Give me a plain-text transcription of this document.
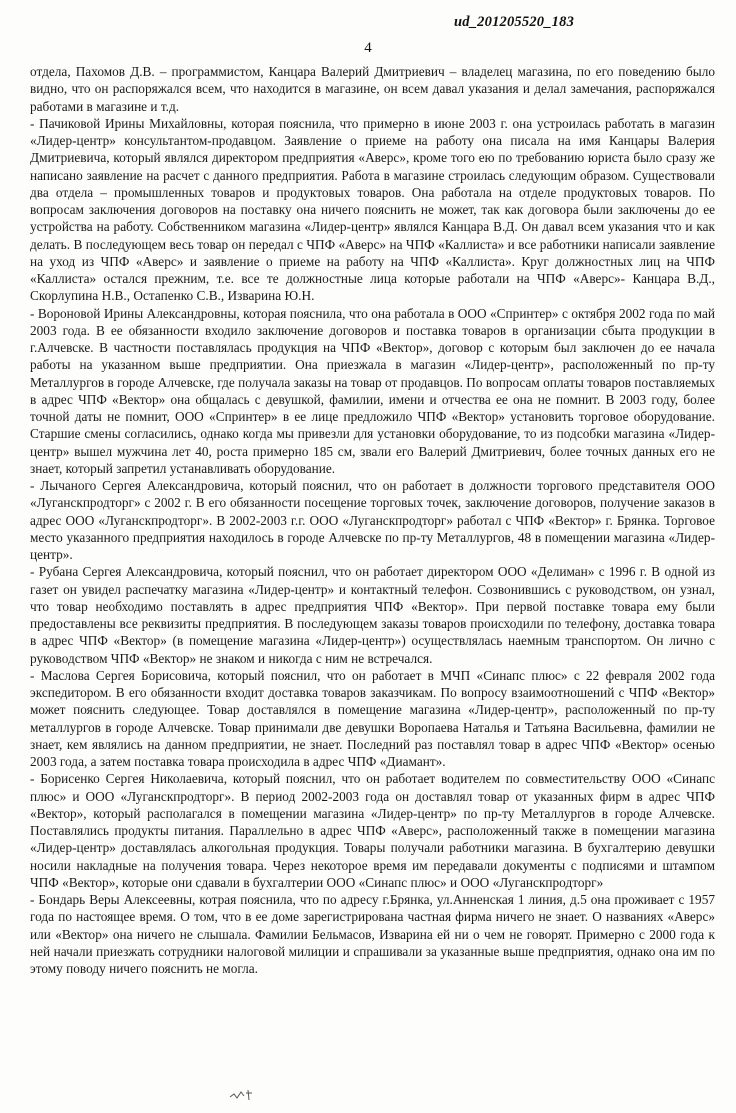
ud_201205520_183
4

отдела, Пахомов Д.В. – программистом, Канцара Валерий Дмитриевич – владелец магазина, по его поведению было видно, что он распоряжался всем, что находится в магазине, он всем давал указания и делал замечания, распоряжался работами в магазине и т.д.

- Пачиковой Ирины Михайловны, которая пояснила, что примерно в июне 2003 г. она устроилась работать в магазин «Лидер-центр» консультантом-продавцом. Заявление о приеме на работу она писала на имя Канцары Валерия Дмитриевича, который являлся директором предприятия «Аверс», кроме того ею по требованию юриста было сразу же написано заявление на расчет с данного предприятия. Работа в магазине строилась следующим образом. Существовали два отдела – промышленных товаров и продуктовых товаров. Она работала на отделе продуктовых товаров. По вопросам заключения договоров на поставку она ничего пояснить не может, так как договора были заключены до ее устройства на работу. Собственником магазина «Лидер-центр» являлся Канцара В.Д. Он давал всем указания что и как делать. В последующем весь товар он передал с ЧПФ «Аверс» на ЧПФ «Каллиста» и все работники написали заявление на уход из ЧПФ «Аверс» и заявление о приеме на работу на ЧПФ «Каллиста». Круг должностных лиц на ЧПФ «Каллиста» остался прежним, т.е. все те должностные лица которые работали на ЧПФ «Аверс»- Канцара В.Д., Скорлупина Н.В., Остапенко С.В., Изварина Ю.Н.

- Вороновой Ирины Александровны, которая пояснила, что она работала в ООО «Спринтер» с октября 2002 года по май 2003 года. В ее обязанности входило заключение договоров и поставка товаров в организации сбыта продукции в г.Алчевске. В частности поставлялась продукция на ЧПФ «Вектор», договор с которым был заключен до ее начала работы на указанном выше предприятии. Она приезжала в магазин «Лидер-центр», расположенный по пр-ту Металлургов в городе Алчевске, где получала заказы на товар от продавцов. По вопросам оплаты товаров поставляемых в адрес ЧПФ «Вектор» она общалась с девушкой, фамилии, имени и отчества ее она не помнит. В 2003 году, более точной даты не помнит, ООО «Спринтер» в ее лице предложило ЧПФ «Вектор» установить торговое оборудование. Старшие смены согласились, однако когда мы привезли для установки оборудование, то из подсобки магазина «Лидер-центр» вышел мужчина лет 40, роста примерно 185 см, звали его Валерий Дмитриевич, более точных данных его не знает, который запретил устанавливать оборудование.

- Лычаного Сергея Александровича, который пояснил, что он работает в должности торгового представителя ООО «Луганскпродторг» с 2002 г. В его обязанности посещение торговых точек, заключение договоров, получение заказов в адрес ООО «Луганскпродторг». В 2002-2003 г.г. ООО «Луганскпродторг» работал с ЧПФ «Вектор» г. Брянка. Торговое место указанного предприятия находилось в городе Алчевске по пр-ту Металлургов, 48 в помещении магазина «Лидер-центр».

- Рубана Сергея Александровича, который пояснил, что он работает директором ООО «Делиман» с 1996 г. В одной из газет он увидел распечатку магазина «Лидер-центр» и контактный телефон. Созвонившись с руководством, он узнал, что товар необходимо поставлять в адрес предприятия ЧПФ «Вектор». При первой поставке товара ему были предоставлены все реквизиты предприятия. В последующем заказы товаров происходили по телефону, доставка товара в адрес ЧПФ «Вектор» (в помещение магазина «Лидер-центр») осуществлялась наемным транспортом. Он лично с руководством ЧПФ «Вектор» не знаком и никогда с ним не встречался.

- Маслова Сергея Борисовича, который пояснил, что он работает в МЧП «Синапс плюс» с 22 февраля 2002 года экспедитором. В его обязанности входит доставка товаров заказчикам. По вопросу взаимоотношений с ЧПФ «Вектор» может пояснить следующее. Товар доставлялся в помещение магазина «Лидер-центр», расположенный по пр-ту металлургов в городе Алчевске. Товар принимали две девушки Воропаева Наталья и Татьяна Васильевна, фамилии не знает, кем являлись на данном предприятии, не знает. Последний раз поставлял товар в адрес ЧПФ «Вектор» осенью 2003 года, а затем поставка товара происходила в адрес ЧПФ «Диамант».

- Борисенко Сергея Николаевича, который пояснил, что он работает водителем по совместительству ООО «Синапс плюс» и ООО «Луганскпродторг». В период 2002-2003 года он доставлял товар от указанных фирм в адрес ЧПФ «Вектор», который располагался в помещении магазина «Лидер-центр» по пр-ту Металлургов в городе Алчевске. Поставлялись продукты питания. Параллельно в адрес ЧПФ «Аверс», расположенный также в помещении магазина «Лидер-центр» доставлялась алкогольная продукция. Товары получали работники магазина. В бухгалтерию девушки носили накладные на получения товара. Через некоторое время им передавали документы с подписями и штампом ЧПФ «Вектор», которые они сдавали в бухгалтерии ООО «Синапс плюс» и ООО «Луганскпродторг»

- Бондарь Веры Алексеевны, котрая пояснила, что по адресу г.Брянка, ул.Анненская 1 линия, д.5 она проживает с 1957 года по настоящее время. О том, что в ее доме зарегистрирована частная фирма ничего не знает. О названиях «Аверс» или «Вектор» она ничего не слышала. Фамилии Бельмасов, Изварина ей ни о чем не говорят. Примерно с 2000 года к ней начали приезжать сотрудники налоговой милиции и спрашивали за указанные выше предприятия, однако она им по этому поводу ничего пояснить не могла.
